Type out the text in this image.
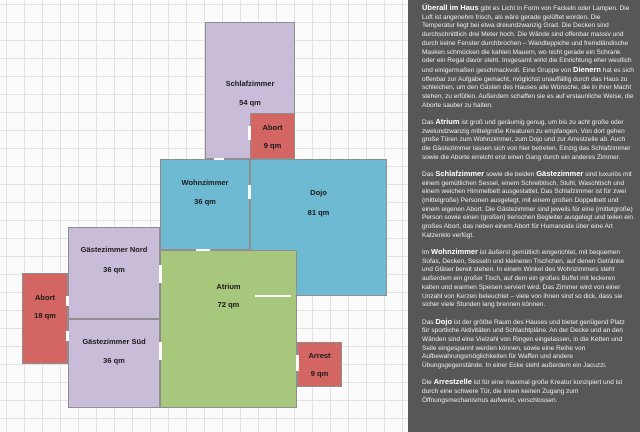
Schlafzimmer
54 qm
Abort
9 qm
Wohnzimmer
36 qm
Dojo
81 qm
Gästezimmer Nord
36 qm
Atrium
72 qm
Abort
18 qm
Gästezimmer Süd
36 qm
Arrest
9 qm

Überall im Haus gibt es Licht in Form von Fackeln oder Lampen. Die Luft ist angenehm frisch, als wäre gerade gelüftet worden. Die Temperatur liegt bei etwa dreiundzwanzig Grad. Die Decken sind durchschnittlich drei Meter hoch. Die Wände sind offenbar massiv und durch keine Fenster durchbrochen – Wandteppiche und fremdländische Masken schmücken die kahlen Mauern, wo nicht gerade ein Schrank oder ein Regal davor steht. Insgesamt wirkt die Einrichtung eher westlich und einigermaßen geschmackvoll. Eine Gruppe von Dienern hat es sich offenbar zur Aufgabe gemacht, möglichst unauffällig durch das Haus zu schleichen, um den Gästen des Hauses alle Wünsche, die in ihrer Macht stehen, zu erfüllen. Außerdem schaffen sie es auf erstaunliche Weise, die Aborte sauber zu halten.

Das Atrium ist groß und geräumig genug, um bis zu acht große oder zweiundzwanzig mittelgroße Kreaturen zu empfangen. Von dort gehen große Türen zum Wohnzimmer, zum Dojo und zur Arrestzelle ab. Auch die Gästezimmer lassen sich von hier betreten. Einzig das Schlafzimmer sowie die Aborte erreicht erst einen Gang durch ein anderes Zimmer.

Das Schlafzimmer sowie die beiden Gästezimmer sind luxuriös mit einem gemütlichen Sessel, einem Schreibtisch, Stuhl, Waschtisch und einem weichen Himmelbett ausgestattet. Das Schlafzimmer ist für zwei (mittelgroße) Personen ausgelegt, mit einem großen Doppelbett und einem eigenen Abort. Die Gästezimmer sind jeweils für eine (mittelgroße) Person sowie einen (großen) tierischen Begleiter ausgelegt und teilen ein großes Abort, das neben einem Abort für Humanoide über eine Art Katzenklo verfügt.

Im Wohnzimmer ist äußerst gemütlich eingerichtet, mit bequemen Sofas, Decken, Sesseln und kleineren Tischchen, auf denen Getränke und Gläser bereit stehen. In einem Winkel des Wohnzimmers steht außerdem ein großer Tisch, auf dem ein großes Buffet mit leckeren kalten und warmen Speisen serviert wird. Das Zimmer wird von einer Unzahl von Kerzen beleuchtet – viele von ihnen sind so dick, dass sie sicher viele Stunden lang brennen können.

Das Dojo ist der größte Raum des Hauses und bietet genügend Platz für sportliche Aktivitäten und Schlachtpläne. An der Decke und an den Wänden sind eine Vielzahl von Ringen eingelassen, in die Ketten und Seile eingespannt werden können, sowie eine Reihe von Aufbewahrungsmöglichkeiten für Waffen und andere Übungsgegenstände. In einer Ecke steht außerdem ein Jacuzzi.

Die Arrestzelle ist für eine maximal große Kreatur konzipiert und ist durch eine schwere Tür, die innen keinen Zugang zum Öffnungsmechanismus aufweist, verschlossen.
